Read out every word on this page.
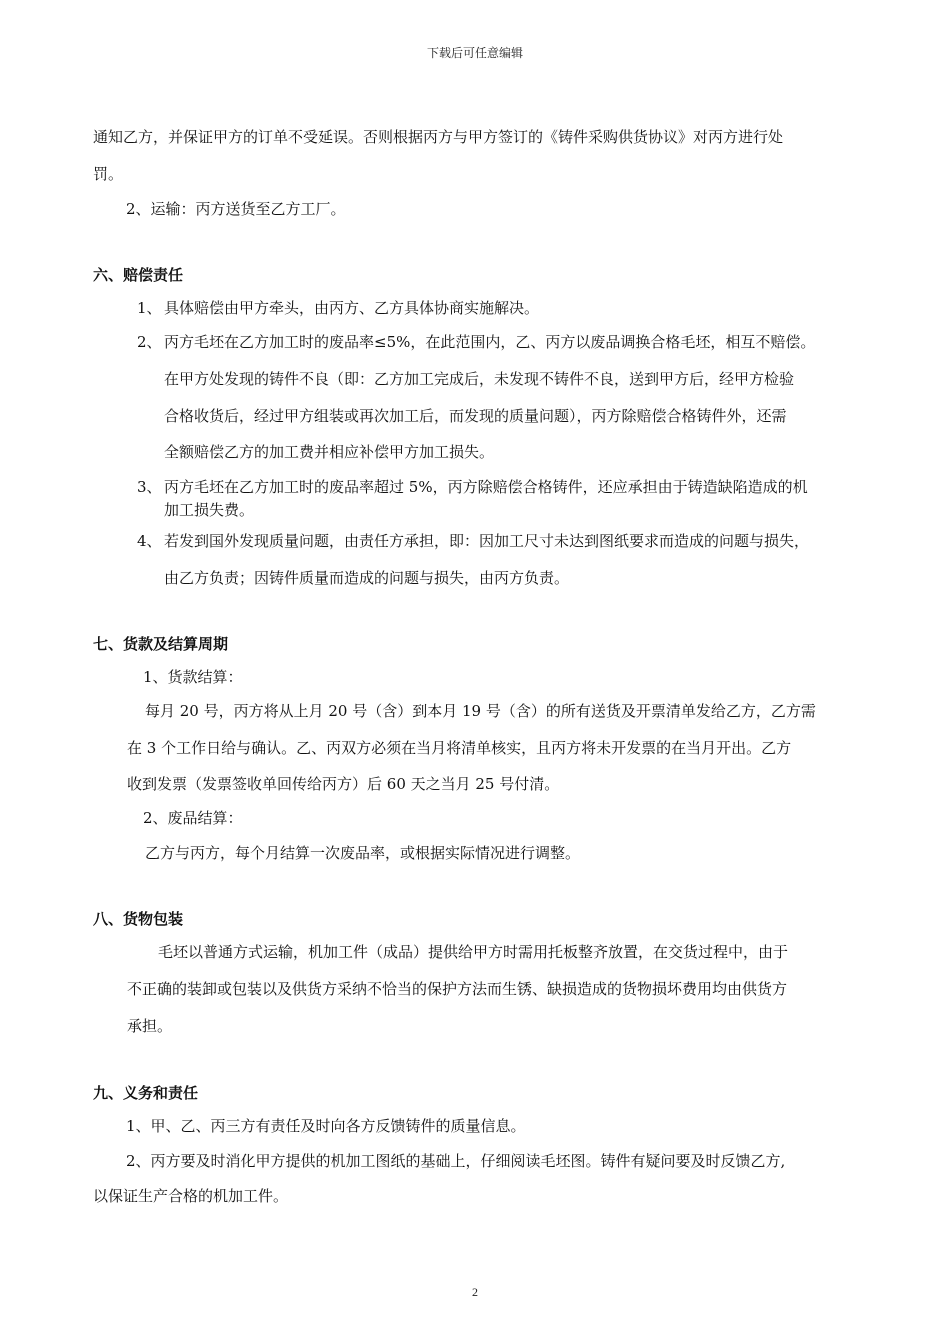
下载后可任意编辑
通知乙方，并保证甲方的订单不受延误。否则根据丙方与甲方签订的《铸件采购供货协议》对丙方进行处
罚。
2、运输：丙方送货至乙方工厂。
六、赔偿责任
1、 具体赔偿由甲方牵头，由丙方、乙方具体协商实施解决。
2、 丙方毛坯在乙方加工时的废品率≤5%，在此范围内，乙、丙方以废品调换合格毛坯，相互不赔偿。
在甲方处发现的铸件不良（即：乙方加工完成后，未发现不铸件不良，送到甲方后，经甲方检验
合格收货后，经过甲方组装或再次加工后，而发现的质量问题），丙方除赔偿合格铸件外，还需
全额赔偿乙方的加工费并相应补偿甲方加工损失。
3、 丙方毛坯在乙方加工时的废品率超过 5%，丙方除赔偿合格铸件，还应承担由于铸造缺陷造成的机
加工损失费。
4、 若发到国外发现质量问题，由责任方承担，即：因加工尺寸未达到图纸要求而造成的问题与损失，
由乙方负责；因铸件质量而造成的问题与损失，由丙方负责。
七、货款及结算周期
1、货款结算：
每月 20 号，丙方将从上月 20 号（含）到本月 19 号（含）的所有送货及开票清单发给乙方，乙方需
在 3 个工作日给与确认。乙、丙双方必须在当月将清单核实，且丙方将未开发票的在当月开出。乙方
收到发票（发票签收单回传给丙方）后 60 天之当月 25 号付清。
2、废品结算：
乙方与丙方，每个月结算一次废品率，或根据实际情况进行调整。
八、货物包装
毛坯以普通方式运输，机加工件（成品）提供给甲方时需用托板整齐放置，在交货过程中，由于
不正确的装卸或包装以及供货方采纳不恰当的保护方法而生锈、缺损造成的货物损坏费用均由供货方
承担。
九、义务和责任
1、甲、乙、丙三方有责任及时向各方反馈铸件的质量信息。
2、丙方要及时消化甲方提供的机加工图纸的基础上，仔细阅读毛坯图。铸件有疑问要及时反馈乙方,
以保证生产合格的机加工件。
2
